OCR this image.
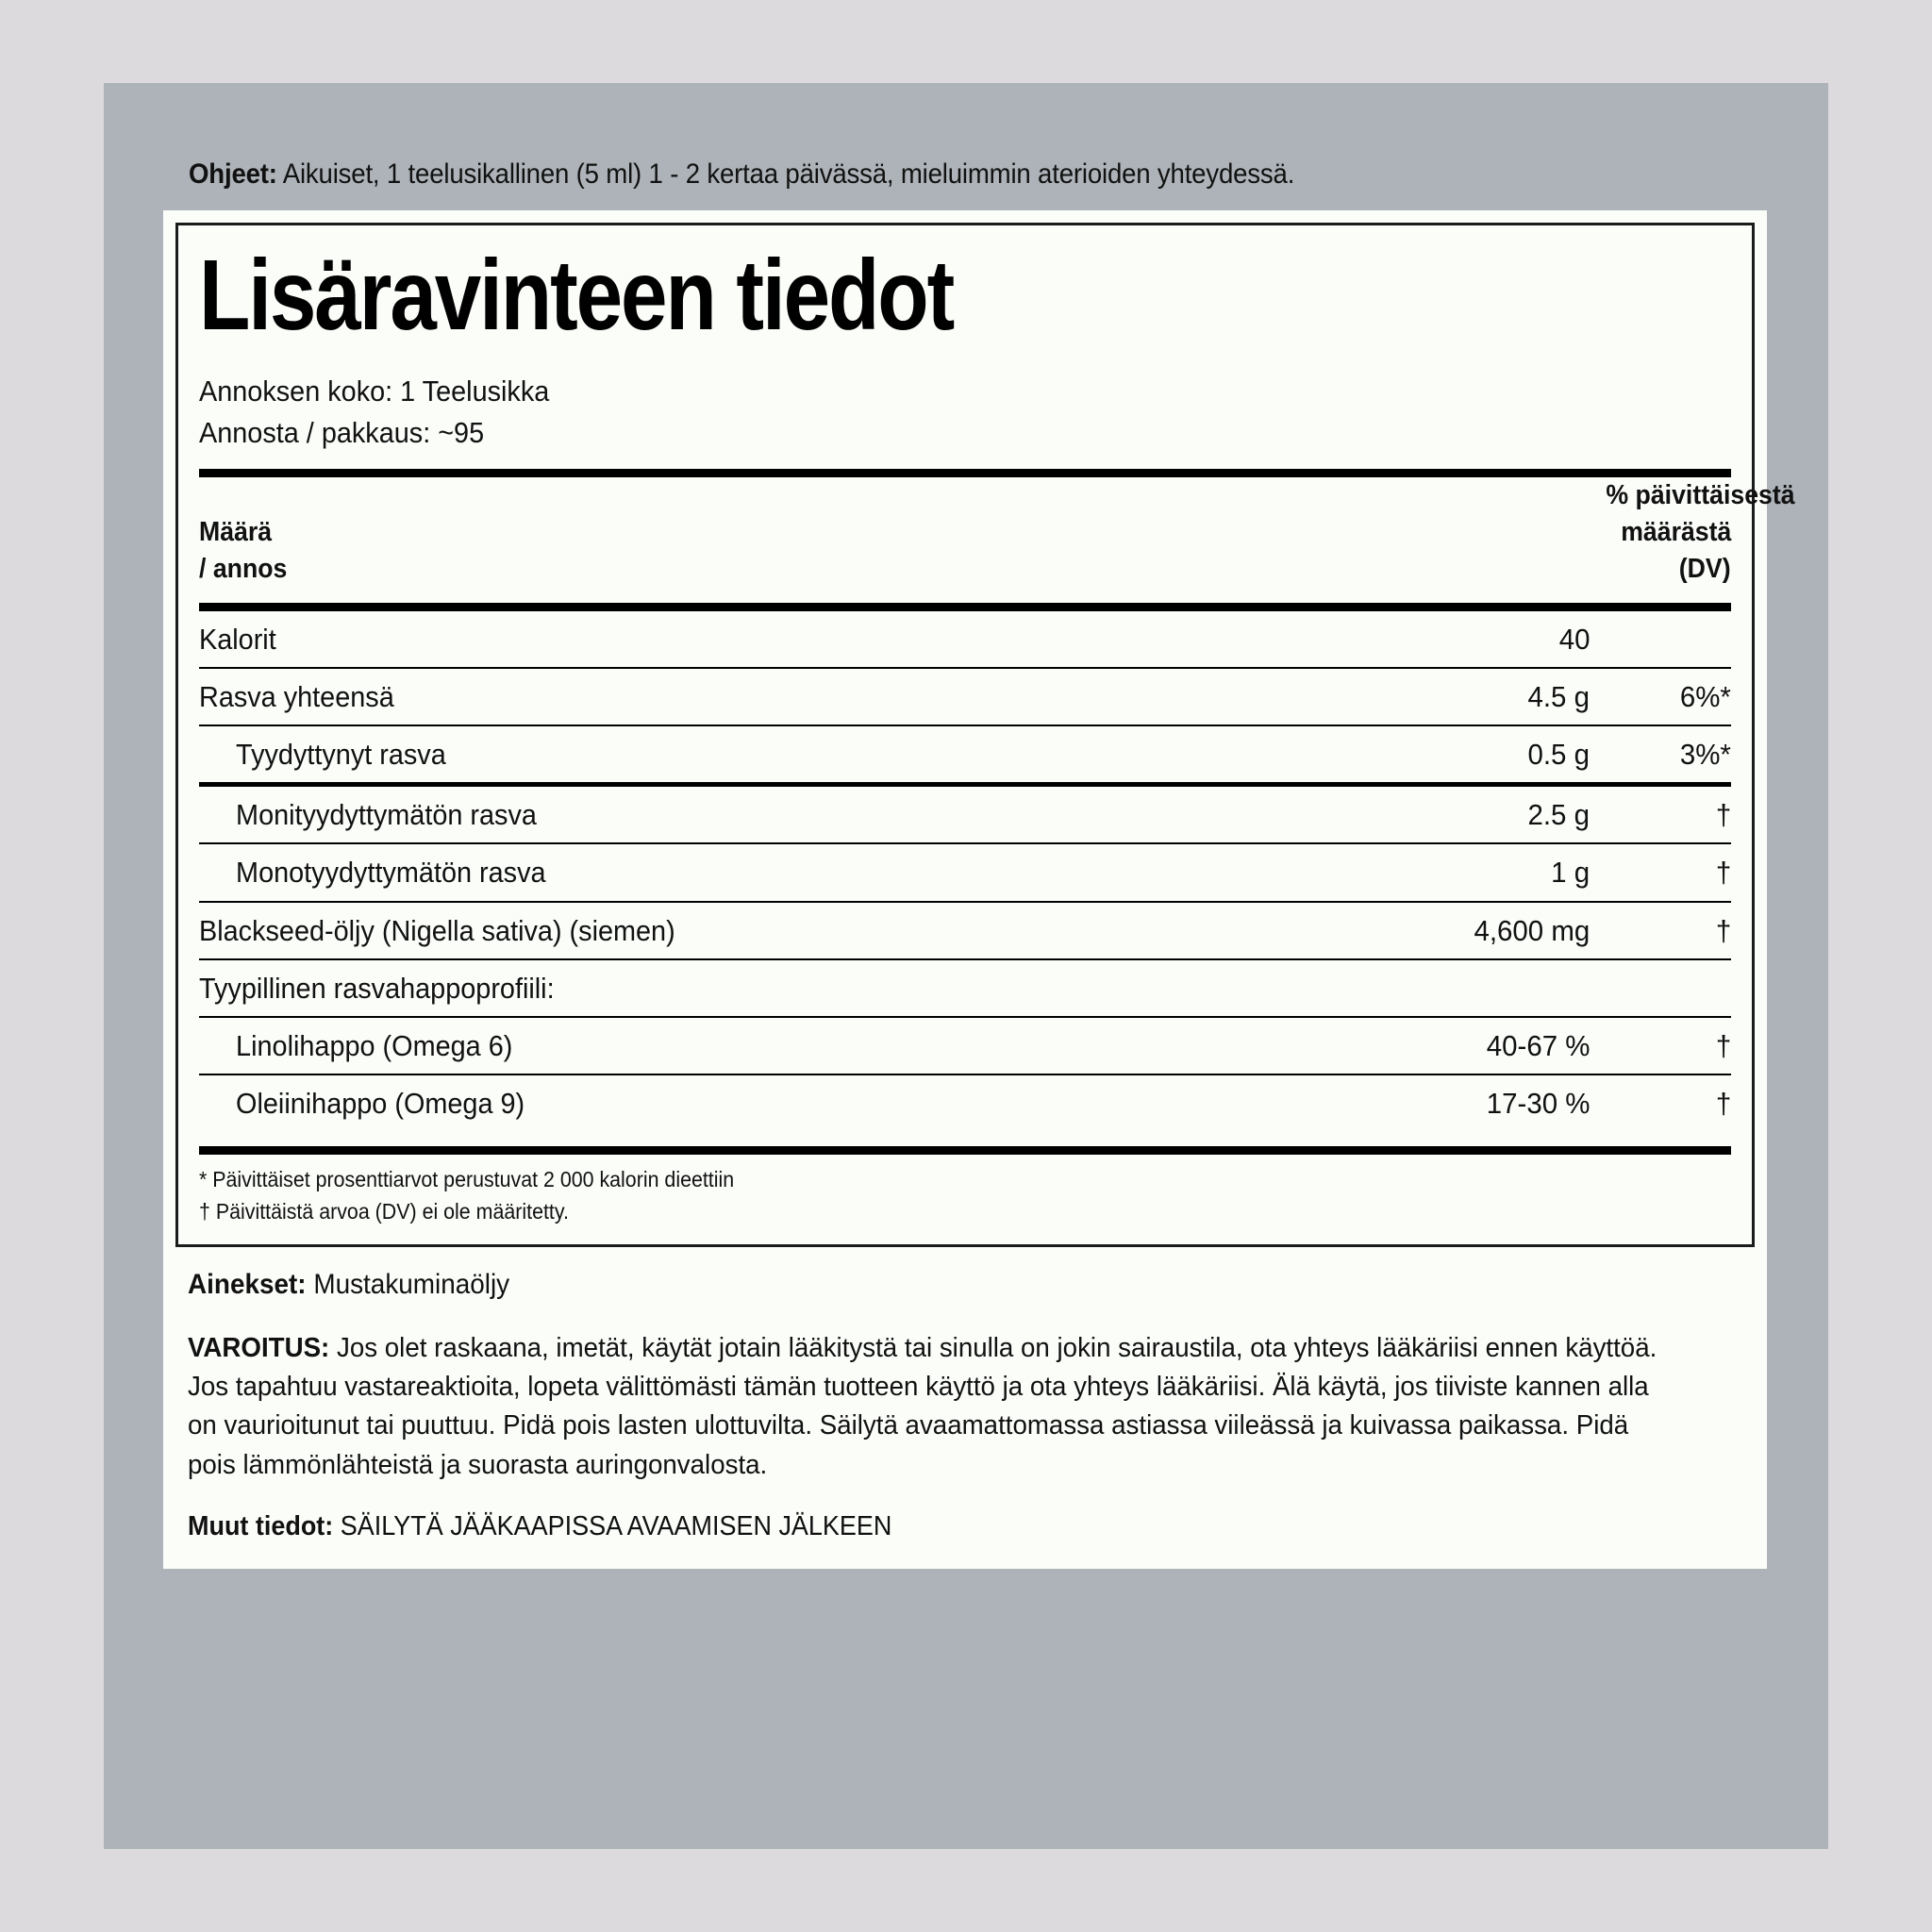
Ohjeet: Aikuiset, 1 teelusikallinen (5 ml) 1 - 2 kertaa päivässä, mieluimmin aterioiden yhteydessä.
Lisäravinteen tiedot
Annoksen koko: 1 Teelusikka
Annosta / pakkaus: ~95
Määrä
/ annos		% päivittäisestä
määrästä
(DV)
Kalorit	40	
Rasva yhteensä	4.5 g	6%*
Tyydyttynyt rasva	0.5 g	3%*
Monityydyttymätön rasva	2.5 g	†
Monotyydyttymätön rasva	1 g	†
Blackseed-öljy (Nigella sativa) (siemen)	4,600 mg	†
Tyypillinen rasvahappoprofiili:		
Linolihappo (Omega 6)	40-67 %	†
Oleiinihappo (Omega 9)	17-30 %	†
* Päivittäiset prosenttiarvot perustuvat 2 000 kalorin dieettiin
† Päivittäistä arvoa (DV) ei ole määritetty.
Ainekset: Mustakuminaöljy
VAROITUS: Jos olet raskaana, imetät, käytät jotain lääkitystä tai sinulla on jokin sairaustila, ota yhteys lääkäriisi ennen käyttöä. Jos tapahtuu vastareaktioita, lopeta välittömästi tämän tuotteen käyttö ja ota yhteys lääkäriisi. Älä käytä, jos tiiviste kannen alla on vaurioitunut tai puuttuu. Pidä pois lasten ulottuvilta. Säilytä avaamattomassa astiassa viileässä ja kuivassa paikassa. Pidä pois lämmönlähteistä ja suorasta auringonvalosta.
Muut tiedot: SÄILYTÄ JÄÄKAAPISSA AVAAMISEN JÄLKEEN
